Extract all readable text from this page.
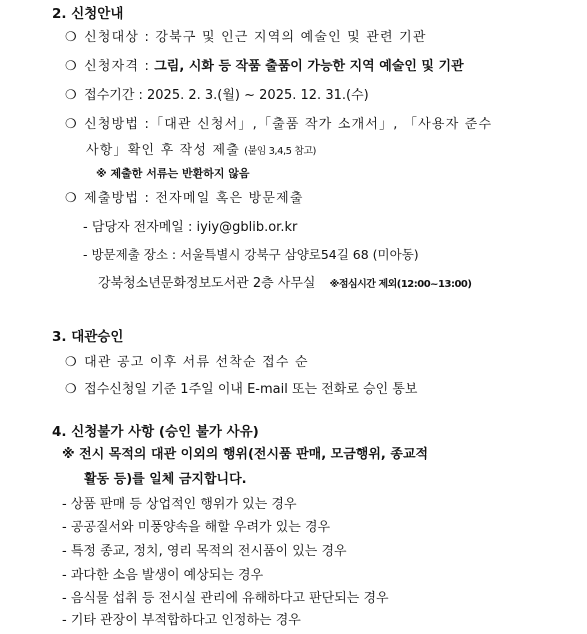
2. 신청안내
❍ 신청대상 : 강북구 및 인근 지역의 예술인 및 관련 기관
❍ 신청자격 : 그림, 시화 등 작품 출품이 가능한 지역 예술인 및 기관
❍ 접수기간 : 2025. 2. 3.(월) ~ 2025. 12. 31.(수)
❍ 신청방법 :「대관 신청서」,「출품 작가 소개서」, 「사용자 준수
사항」확인 후 작성 제출 (붙임 3,4,5 참고)
※ 제출한 서류는 반환하지 않음
❍ 제출방법 : 전자메일 혹은 방문제출
- 담당자 전자메일 : iyiy@gblib.or.kr
- 방문제출 장소 : 서울특별시 강북구 삼양로54길 68 (미아동)
강북청소년문화정보도서관 2층 사무실 ※점심시간 제외(12:00~13:00)
3. 대관승인
❍ 대관 공고 이후 서류 선착순 접수 순
❍ 접수신청일 기준 1주일 이내 E-mail 또는 전화로 승인 통보
4. 신청불가 사항 (승인 불가 사유)
※ 전시 목적의 대관 이외의 행위(전시품 판매, 모금행위, 종교적
활동 등)를 일체 금지합니다.
- 상품 판매 등 상업적인 행위가 있는 경우
- 공공질서와 미풍양속을 해할 우려가 있는 경우
- 특정 종교, 정치, 영리 목적의 전시품이 있는 경우
- 과다한 소음 발생이 예상되는 경우
- 음식물 섭취 등 전시실 관리에 유해하다고 판단되는 경우
- 기타 관장이 부적합하다고 인정하는 경우
